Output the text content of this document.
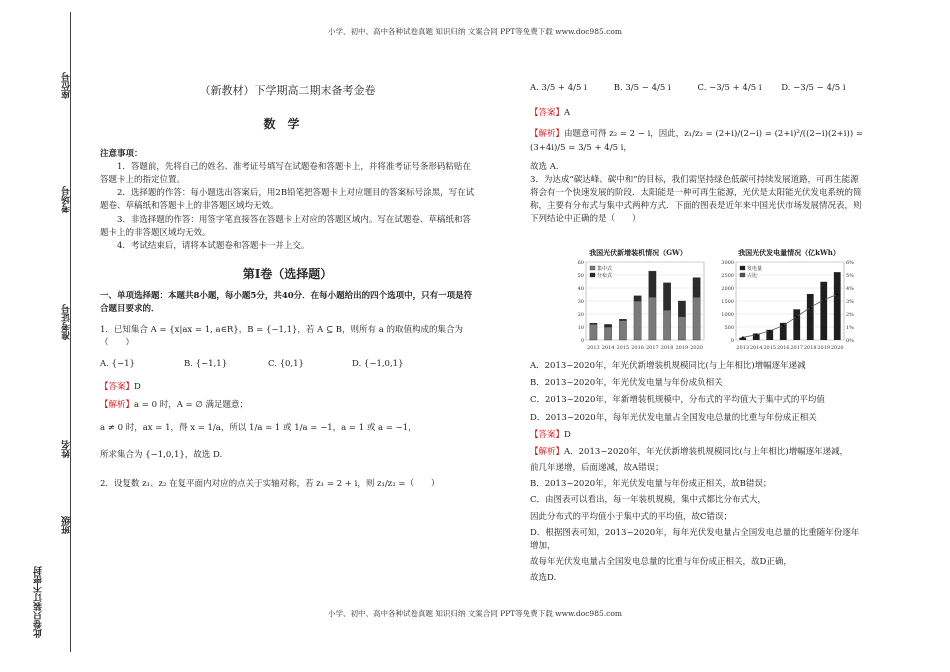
小学、初中、高中各种试卷真题 知识归纳 文案合同 PPT等免费下载 www.doc985.com
小学、初中、高中各种试卷真题 知识归纳 文案合同 PPT等免费下载 www.doc985.com
座位号
考场号
准考证号
姓名
班级
此卷只装订不密封

（新教材）下学期高二期末备考金卷

数学

注意事项：

1．答题前，先将自己的姓名、准考证号填写在试题卷和答题卡上，并将准考证号条形码粘贴在答题卡上的指定位置。

2．选择题的作答：每小题选出答案后，用2B铅笔把答题卡上对应题目的答案标号涂黑，写在试题卷、草稿纸和答题卡上的非答题区域均无效。

3．非选择题的作答：用签字笔直接答在答题卡上对应的答题区域内。写在试题卷、草稿纸和答题卡上的非答题区域均无效。

4．考试结束后，请将本试题卷和答题卡一并上交。

第Ⅰ卷（选择题）

一、单项选择题：本题共8小题，每小题5分，共40分．在每小题给出的四个选项中，只有一项是符合题目要求的．

1．已知集合 A = {x|ax = 1, a∈R}，B = {−1,1}，若 A ⊆ B，则所有 a 的取值构成的集合为（　　）

A. {−1}	B. {−1,1}	C. {0,1}	D. {−1,0,1}

【答案】D

【解析】a = 0 时，A = ∅ 满足题意；

a ≠ 0 时，ax = 1，得 x = 1/a，所以 1/a = 1 或 1/a = −1，a = 1 或 a = −1，

所求集合为 {−1,0,1}，故选 D.

2．设复数 z₁、z₂ 在复平面内对应的点关于实轴对称，若 z₁ = 2 + i，则 z₁/z₂ =（　　）

A. 3/5 + 4/5 i	B. 3/5 − 4/5 i	C. −3/5 + 4/5 i	D. −3/5 − 4/5 i

【答案】A

【解析】由题意可得 z₂ = 2 − i，因此，z₁/z₂ = (2+i)/(2−i) = (2+i)²/((2−i)(2+i)) = (3+4i)/5 = 3/5 + 4/5 i，

故选 A.

3．为达成“碳达峰、碳中和”的目标，我们需坚持绿色低碳可持续发展道路，可再生能源将会有一个快速发展的阶段．太阳能是一种可再生能源，光伏是太阳能光伏发电系统的简称，主要有分布式与集中式两种方式．下面的图表是近年来中国光伏市场发展情况表，则下列结论中正确的是（　　）

我国光伏新增装机情况（GW）
0
10
20
30
40
50
60
2013 2014 2015 2016 2017 2018 2019 2020
集中式
分布式
我国光伏发电量情况（亿kWh）
0
500
1000
1500
2000
2500
3000
0%
1%
2%
3%
4%
5%
6%
2013 2014 2015 2016 2017 2018 2019 2020
发电量
占比

A．2013~2020年，年光伏新增装机规模同比(与上年相比)增幅逐年递减

B．2013~2020年，年光伏发电量与年份成负相关

C．2013~2020年，年新增装机规模中，分布式的平均值大于集中式的平均值

D．2013~2020年，每年光伏发电量占全国发电总量的比重与年份成正相关

【答案】D

【解析】A．2013~2020年，年光伏新增装机规模同比(与上年相比)增幅逐年递减，

前几年递增，后面递减，故A错误；

B．2013~2020年，年光伏发电量与年份成正相关，故B错误；

C．由图表可以看出，每一年装机规模，集中式都比分布式大，

因此分布式的平均值小于集中式的平均值，故C错误；

D．根据图表可知，2013~2020年，每年光伏发电量占全国发电总量的比重随年份逐年增加，

故每年光伏发电量占全国发电总量的比重与年份成正相关，故D正确，

故选D.
